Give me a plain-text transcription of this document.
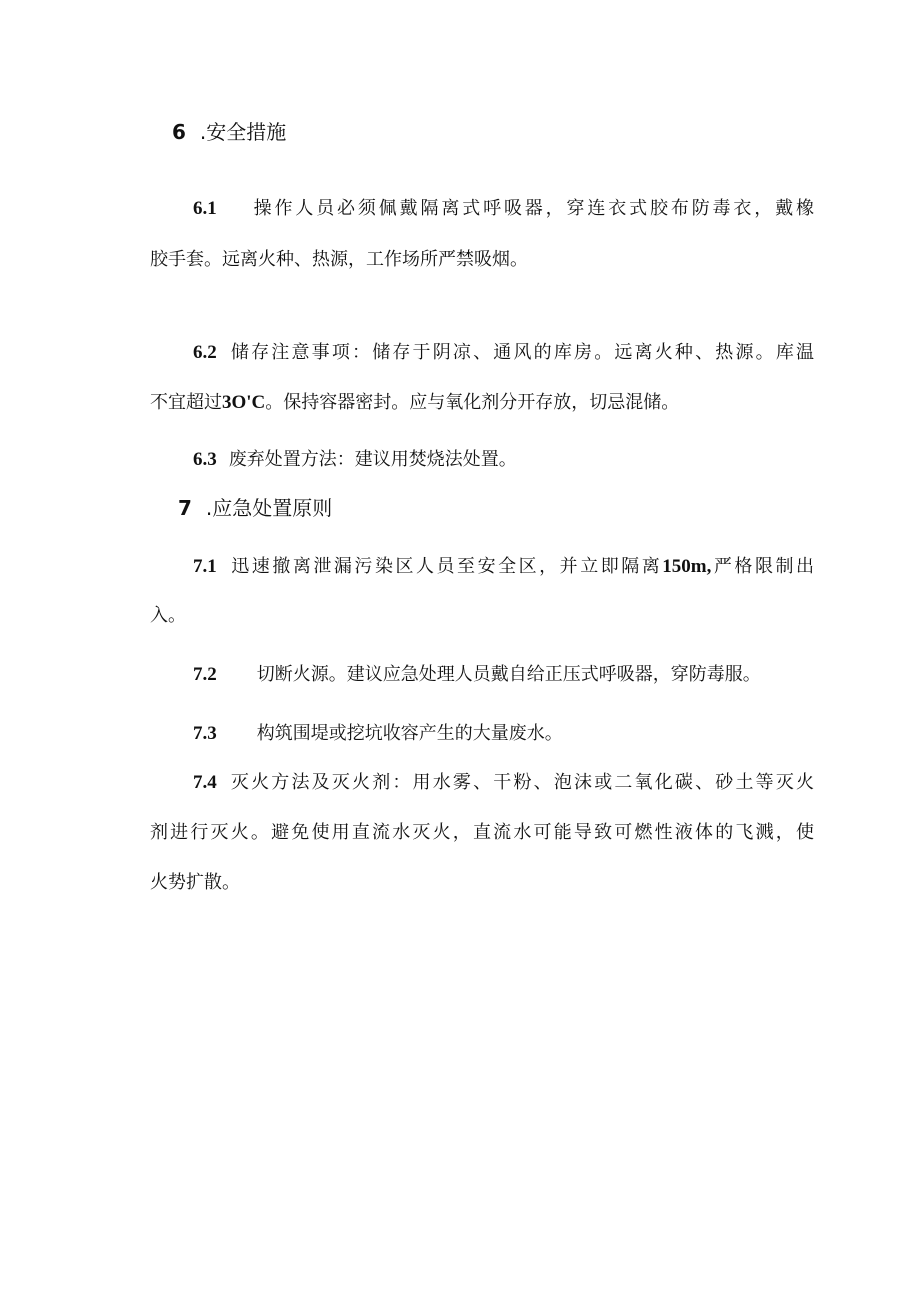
6 .安全措施
6.1 操作人员必须佩戴隔离式呼吸器，穿连衣式胶布防毒衣，戴橡
胶手套。远离火种、热源，工作场所严禁吸烟。
6.2 储存注意事项：储存于阴凉、通风的库房。远离火种、热源。库温
不宜超过3O'C。保持容器密封。应与氧化剂分开存放，切忌混储。
6.3 废弃处置方法：建议用焚烧法处置。
7 .应急处置原则
7.1 迅速撤离泄漏污染区人员至安全区，并立即隔离150m,严格限制出
入。
7.2 切断火源。建议应急处理人员戴自给正压式呼吸器，穿防毒服。
7.3 构筑围堤或挖坑收容产生的大量废水。
7.4 灭火方法及灭火剂：用水雾、干粉、泡沫或二氧化碳、砂土等灭火
剂进行灭火。避免使用直流水灭火，直流水可能导致可燃性液体的飞溅，使
火势扩散。
